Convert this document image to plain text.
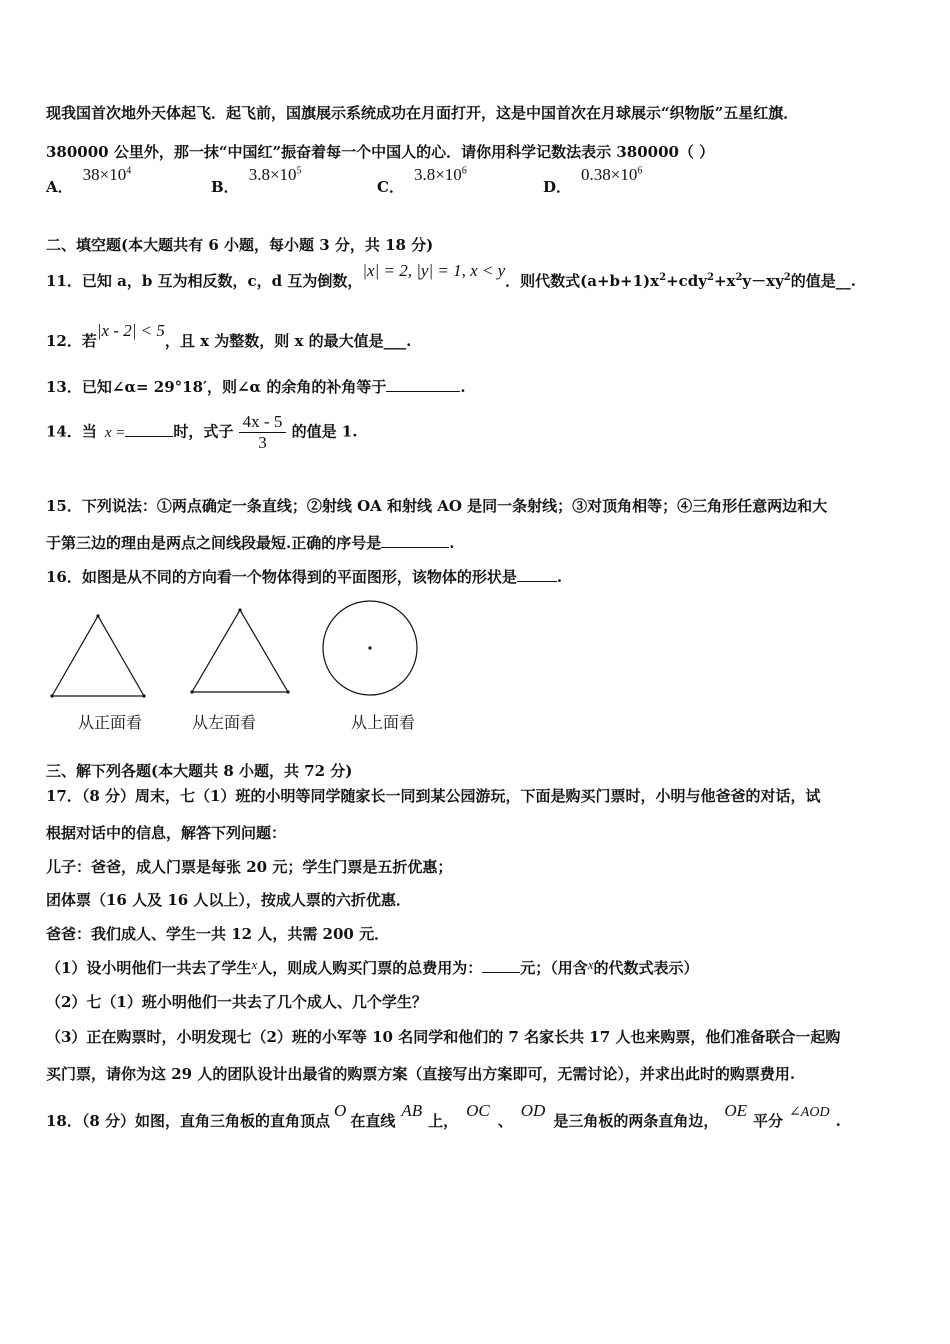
现我国首次地外天体起飞．起飞前，国旗展示系统成功在月面打开，这是中国首次在月球展示“织物版”五星红旗．
380000 公里外，那一抹“中国红”振奋着每一个中国人的心．请你用科学记数法表示 380000（ ）
A．$38\times 10^4$
B．$3.8\times 10^5$
C．$3.8\times 10^6$
D．$0.38\times 10^6$
二、填空题(本大题共有 6 小题，每小题 3 分，共 18 分)
11．已知 a，b 互为相反数，c，d 互为倒数，|x| = 2, |y| = 1, x < y．则代数式$(a+b+1)x^2+cdy^2+x^2y-xy^2$的值是__.
12．若|x - 2| < 5，且 x 为整数，则 x 的最大值是___.
13．已知∠α= 29°18′，则∠α 的余角的补角等于	.
14．当 x =	时，式子 $\frac{4x - 5}{3}$ 的值是 1.
15．下列说法：①两点确定一条直线；②射线 OA 和射线 AO 是同一条射线；③对顶角相等；④三角形任意两边和大
于第三边的理由是两点之间线段最短.正确的序号是	.
16．如图是从不同的方向看一个物体得到的平面图形，该物体的形状是	.
从正面看	从左面看	从上面看
三、解下列各题(本大题共 8 小题，共 72 分)
17．（8 分）周末，七（1）班的小明等同学随家长一同到某公园游玩，下面是购买门票时，小明与他爸爸的对话，试
根据对话中的信息，解答下列问题：
儿子：爸爸，成人门票是每张 20 元；学生门票是五折优惠；
团体票（16 人及 16 人以上），按成人票的六折优惠．
爸爸：我们成人、学生一共 12 人，共需 200 元．
（1）设小明他们一共去了学生x人，则成人购买门票的总费用为：	元；（用含x的代数式表示）
（2）七（1）班小明他们一共去了几个成人、几个学生？
（3）正在购票时，小明发现七（2）班的小军等 10 名同学和他们的 7 名家长共 17 人也来购票，他们准备联合一起购
买门票，请你为这 29 人的团队设计出最省的购票方案（直接写出方案即可，无需讨论），并求出此时的购票费用.
18．（8 分）如图，直角三角板的直角顶点O在直线AB上，OC、OD是三角板的两条直角边，OE平分 ∠AOD .
